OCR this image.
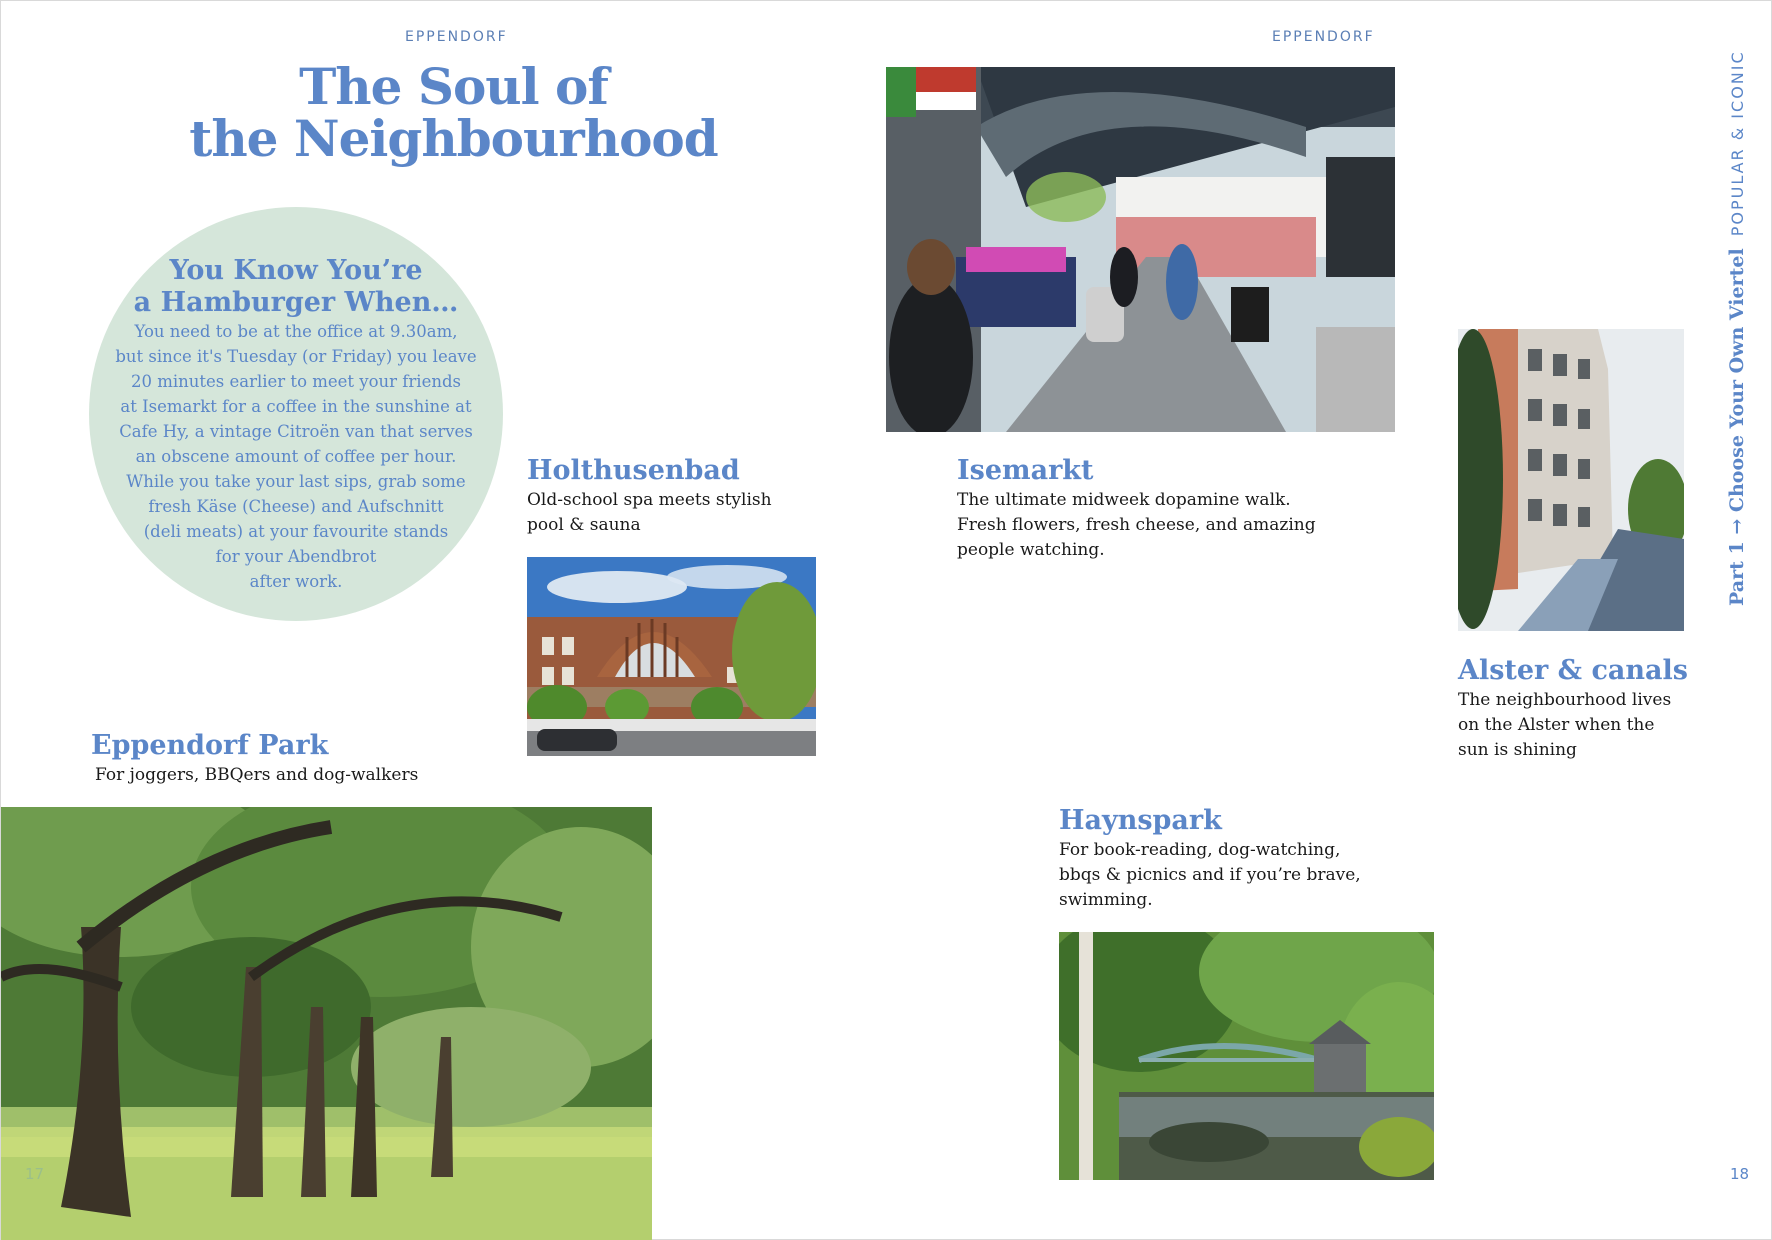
EPPENDORF	EPPENDORF
The Soul of
the Neighbourhood
You Know You’re
a Hamburger When…
You need to be at the office at 9.30am,
but since it's Tuesday (or Friday) you leave
20 minutes earlier to meet your friends
at Isemarkt for a coffee in the sunshine at
Cafe Hy, a vintage Citroën van that serves
an obscene amount of coffee per hour.
While you take your last sips, grab some
fresh Käse (Cheese) and Aufschnitt
(deli meats) at your favourite stands
for your Abendbrot
after work.
Holthusenbad
Old-school spa meets stylish
pool & sauna
Isemarkt
The ultimate midweek dopamine walk.
Fresh flowers, fresh cheese, and amazing
people watching.
Alster & canals
The neighbourhood lives
on the Alster when the
sun is shining
Eppendorf Park
For joggers, BBQers and dog-walkers
Haynspark
For book-reading, dog-watching,
bbqs & picnics and if you’re brave,
swimming.
Part 1 → Choose Your Own ViertelPOPULAR & ICONIC
17	18
